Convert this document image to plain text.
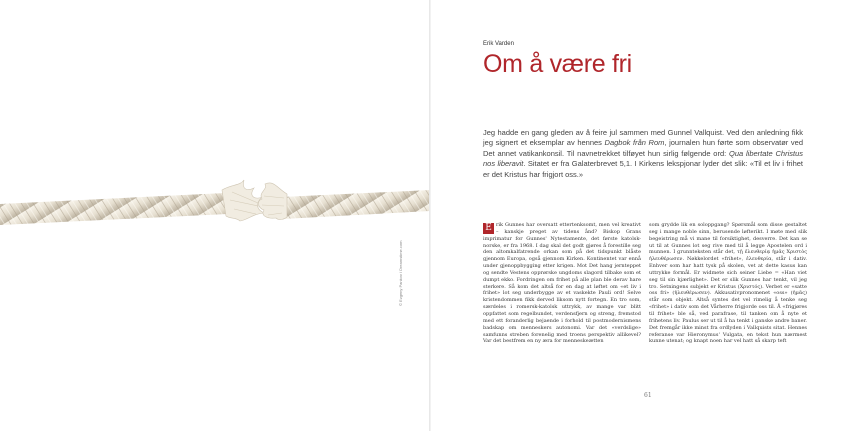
© Evgeny Pankov / Dreamstime.com
Erik Varden
Om å være fri

Jeg hadde en gang gleden av å feire jul sammen med Gunnel Vallquist. Ved den anledning fikk jeg signert et eksemplar av hennes Dagbok från Rom, journalen hun førte som observatør ved Det annet vatikankonsil. Til navnetrekket tilføyet hun sirlig følgende ord: Qua libertate Christus nos liberavit. Sitatet er fra Galaterbrevet 5,1. I Kirkens lekspjonar lyder det slik: «Til et liv i frihet er det Kristus har frigjort oss.»

E rik Gunnes har oversatt ettertenksomt, men vel kreativt – kanskje preget av tidens ånd? Biskop Grans imprimatur for Gunnes' Nytestamente, det første katolsk-norske, er fra 1968. I dag skal det godt gjøres å forestille seg den altomkalfatrende orkan som på det tidspunkt blåste gjennom Europa, også gjennom Kirken. Kontinentet var ennå under gjenoppbygging etter krigen. Mot Det hang jernteppet og sendte Vestens opprørske ungdoms slagord tilbake som et dumpt ekko. Fordringen om frihet på alle plan ble derav hare sterkere. Så kom det altså for en dag at løftet om «et liv i frihet» lot seg underbygge av et vaskekte Pauli ord! Selve kristendommen fikk derved liksom nytt fortegn. En tro som, særdeles i romersk-katolsk uttrykk, av mange var blitt oppfattet som regelbundet, verdensfjern og streng, fremstod med ett foranderlig bejaende i forhold til postmodernismens badskap om menneskers autonomi. Var det «verdslige» samfunns streben forenelig med troens perspektiv allikevel? Var det bestfrem en ny æra for menneskeætten
som grydde lik en soloppgang? Spørsmål som disse gestaltet seg i mange noble sinn, berusende løfterikt. I møte med slik begeistring må vi mane til forsiktighet, desverre. Det kan se ut til at Gunnes lot seg rive med til å legge Apostelen ord i munnen. I grunnteksten står det, τῇ ἐλευθερίᾳ ἡμᾶς Χριστὸς ἠλευθέρωσεν. Nøkkelordet «frihet», ἐλευθερία, står i dativ. Enhver som har hatt tysk på skolen, vet at dette kasus kan uttrykke formål. Er widmete sich seiner Liebe = «Han viet seg til sin kjærlighet». Det er slik Gunnes har tenkt, vil jeg tro. Setningens subjekt er Kristus (Χριστός). Verbet er «satte oss fri» (ἠλευθέρωσεν). Akkusativpronomenet «oss» (ἡμᾶς) står som objekt. Altså syntes det vel rimelig å tenke seg «frihet» i dativ som det Vårherre frigjorde oss til. Å «frigjøres til frihet» ble så, ved parafrase, til tanken om å nyte et frihetens liv. Paulus ser ut til å ha tenkt i ganske andre baner. Det fremgår ikke minst fra ordlyden i Vallquists sitat. Hennes referanse var Hieronymus' Vulgata, en tekst hun nærmest kunne utenat; og knapt noen har vel hatt så skarp teft
61
